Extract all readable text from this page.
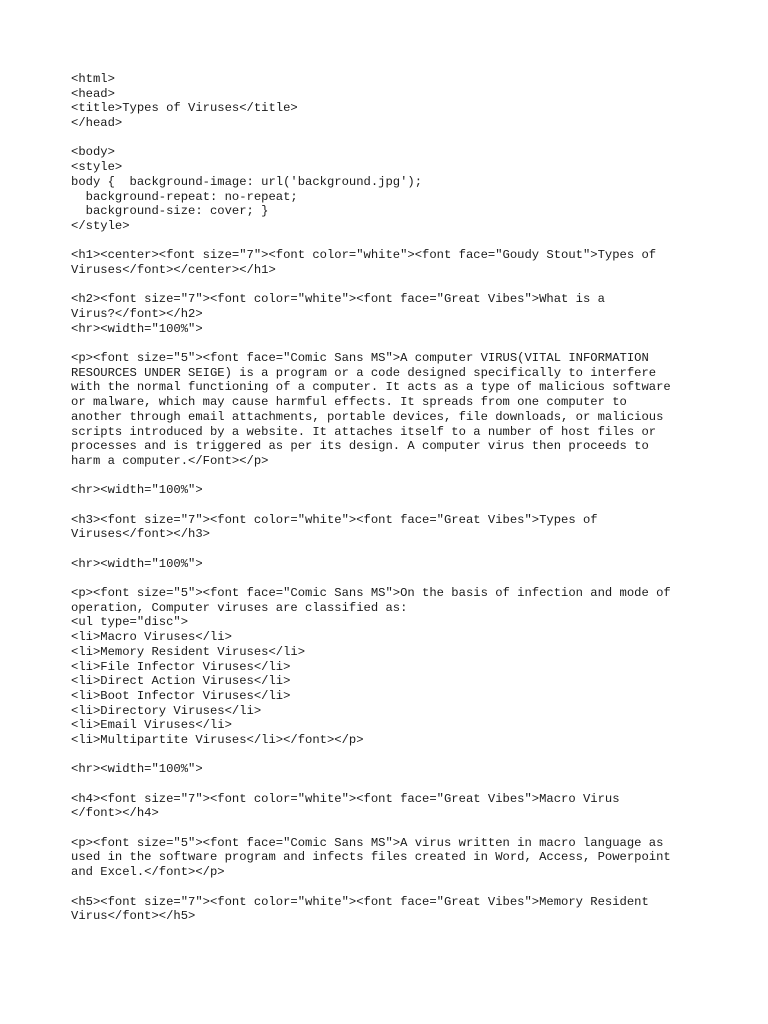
<html>
<head>
<title>Types of Viruses</title>
</head>
<body>
<style>
body {  background-image: url('background.jpg');
background-repeat: no-repeat;
background-size: cover; }
</style>
<h1><center><font size="7"><font color="white"><font face="Goudy Stout">Types of
Viruses</font></center></h1>
<h2><font size="7"><font color="white"><font face="Great Vibes">What is a
Virus?</font></h2>
<hr><width="100%">
<p><font size="5"><font face="Comic Sans MS">A computer VIRUS(VITAL INFORMATION
RESOURCES UNDER SEIGE) is a program or a code designed specifically to interfere
with the normal functioning of a computer. It acts as a type of malicious software
or malware, which may cause harmful effects. It spreads from one computer to
another through email attachments, portable devices, file downloads, or malicious
scripts introduced by a website. It attaches itself to a number of host files or
processes and is triggered as per its design. A computer virus then proceeds to
harm a computer.</Font></p>
<hr><width="100%">
<h3><font size="7"><font color="white"><font face="Great Vibes">Types of
Viruses</font></h3>
<hr><width="100%">
<p><font size="5"><font face="Comic Sans MS">On the basis of infection and mode of
operation, Computer viruses are classified as:
<ul type="disc">
<li>Macro Viruses</li>
<li>Memory Resident Viruses</li>
<li>File Infector Viruses</li>
<li>Direct Action Viruses</li>
<li>Boot Infector Viruses</li>
<li>Directory Viruses</li>
<li>Email Viruses</li>
<li>Multipartite Viruses</li></font></p>
<hr><width="100%">
<h4><font size="7"><font color="white"><font face="Great Vibes">Macro Virus
</font></h4>
<p><font size="5"><font face="Comic Sans MS">A virus written in macro language as
used in the software program and infects files created in Word, Access, Powerpoint
and Excel.</font></p>
<h5><font size="7"><font color="white"><font face="Great Vibes">Memory Resident
Virus</font></h5>
